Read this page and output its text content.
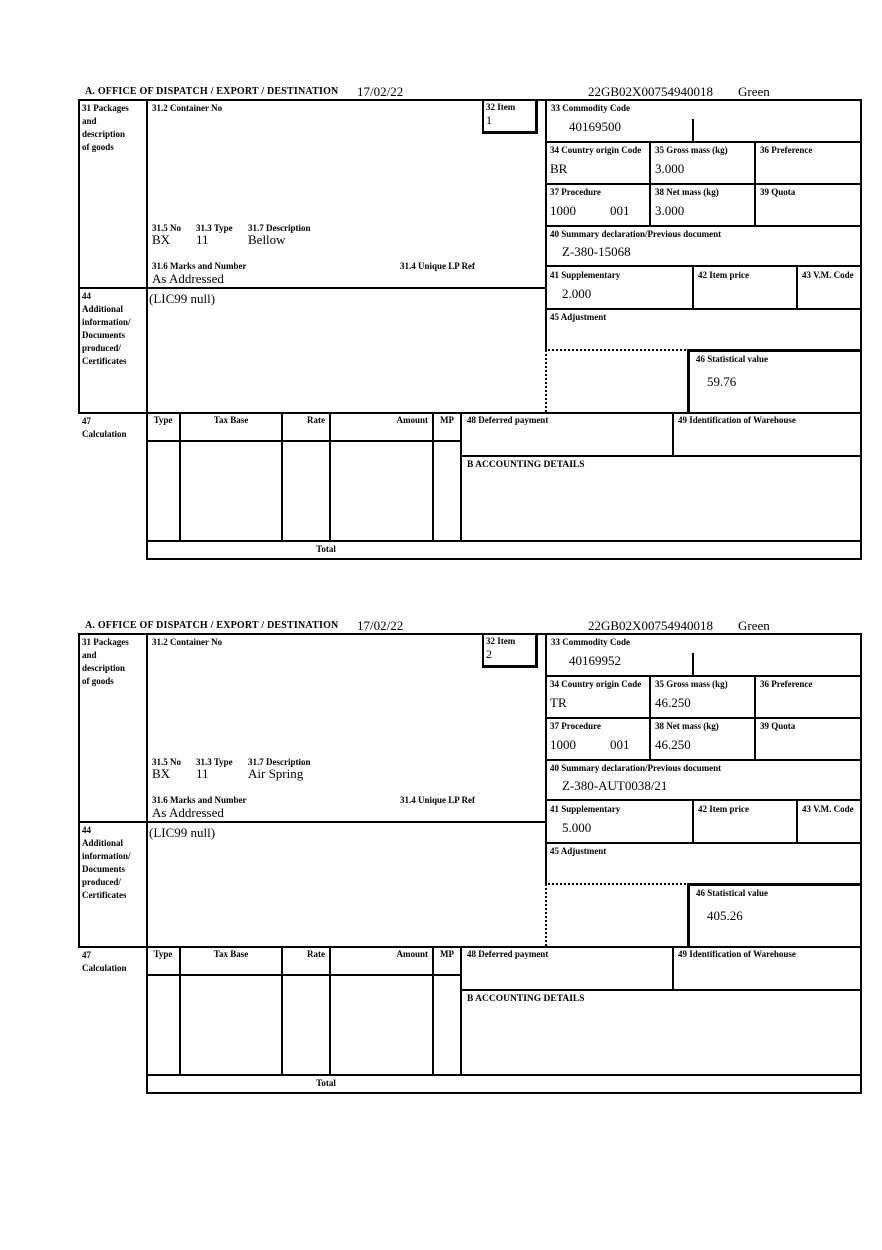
A. OFFICE OF DISPATCH / EXPORT / DESTINATION 17/02/22	22GB02X00754940018 Green
31 Packages
and
description
of goods
44
Additional
information/
Documents
produced/
Certificates
47
Calculation
31.2 Container No
31.5 No 31.3 Type 31.7 Description
BX 11	Bellow
31.6 Marks and Number	31.4 Unique LP Ref
As Addressed
(LIC99 null)
32 Item
1
33 Commodity Code
40169500
34 Country origin Code
BR
35 Gross mass (kg)
3.000
36 Preference
37 Procedure
1000	001
38 Net mass (kg)
3.000
39 Quota
40 Summary declaration/Previous document
Z-380-15068
41 Supplementary
2.000
42 Item price	43 V.M. Code
45 Adjustment
46 Statistical value
59.76
Type	Tax Base	Rate	Amount	MP	48 Deferred payment	49 Identification of Warehouse
B ACCOUNTING DETAILS
Total
A. OFFICE OF DISPATCH / EXPORT / DESTINATION 17/02/22	22GB02X00754940018 Green
31 Packages
and
description
of goods
44
Additional
information/
Documents
produced/
Certificates
47
Calculation
31.2 Container No
31.5 No 31.3 Type 31.7 Description
BX 11	Air Spring
31.6 Marks and Number	31.4 Unique LP Ref
As Addressed
(LIC99 null)
32 Item
2
33 Commodity Code
40169952
34 Country origin Code
TR
35 Gross mass (kg)
46.250
36 Preference
37 Procedure
1000	001
38 Net mass (kg)
46.250
39 Quota
40 Summary declaration/Previous document
Z-380-AUT0038/21
41 Supplementary
5.000
42 Item price	43 V.M. Code
45 Adjustment
46 Statistical value
405.26
Type	Tax Base	Rate	Amount	MP	48 Deferred payment	49 Identification of Warehouse
B ACCOUNTING DETAILS
Total
